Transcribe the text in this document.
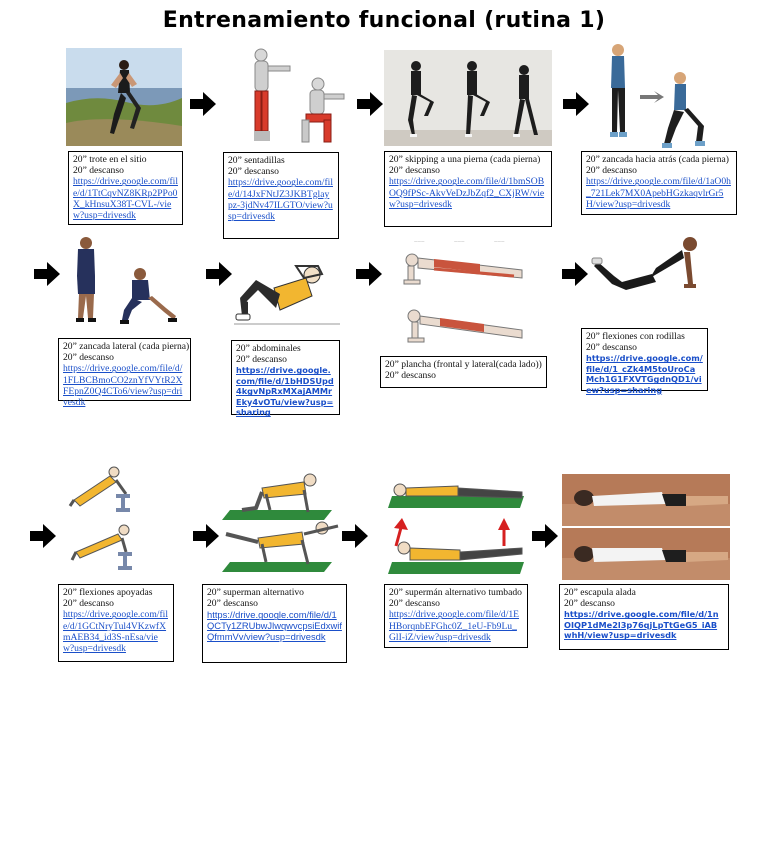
Entrenamiento funcional (rutina 1)
20” trote en el sitio
20” descanso
https://drive.google.com/file/d/1TtCqvNZ8KRp2PPo0X_kHnsuX38T-CVL-/view?usp=drivesdk
20” sentadillas
20” descanso
https://drive.google.com/file/d/14JxFNtJZ3JKBTglaypz-3jdNv47ILGTO/view?usp=drivesdk
20” skipping a una pierna (cada pierna)
20” descanso
https://drive.google.com/file/d/1bmSOBOQ9fPSc-AkvVeDzJbZqf2_CXjRW/view?usp=drivesdk
20” zancada hacia atrás (cada pierna)
20” descanso
https://drive.google.com/file/d/1aO0h_721Lek7MX0ApebHGzkaqvlrGr5H/view?usp=drivesdk
———	———	———
20” zancada lateral (cada pierna)
20” descanso
https://drive.google.com/file/d/1FLBCBmoCO2znYfVYtR2XFEpnZ0Q4CTo6/view?usp=drivesdk
20” abdominales
20” descanso
https://drive.google.com/file/d/1bHDSUpd4kgvNpRxMXajAMMrEky4vOTu/view?usp=sharing
20” plancha (frontal y lateral(cada lado))
20” descanso
20” flexiones con rodillas
20” descanso
https://drive.google.com/file/d/1_cZk4M5toUroCaMch1G1FXVTGgdnQD1/view?usp=sharing
20” flexiones apoyadas
20” descanso
https://drive.google.com/file/d/1GCtNryTul4VKzwfXmAEB34_id3S-nEsa/view?usp=drivesdk
20” superman alternativo
20” descanso
https://drive.google.com/file/d/1QCTy1ZRUbwJlwqwvcpsiEdxwifQfmmVv/view?usp=drivesdk
20” supermán alternativo tumbado
20” descanso
https://drive.google.com/file/d/1EHBorqnbEFGhc0Z_1eU-Fb9Lu_GlI-iZ/view?usp=drivesdk
20” escapula alada
20” descanso
https://drive.google.com/file/d/1nOIQP1dMe2l3p76qjLpTtGeG5_iABwhH/view?usp=drivesdk
